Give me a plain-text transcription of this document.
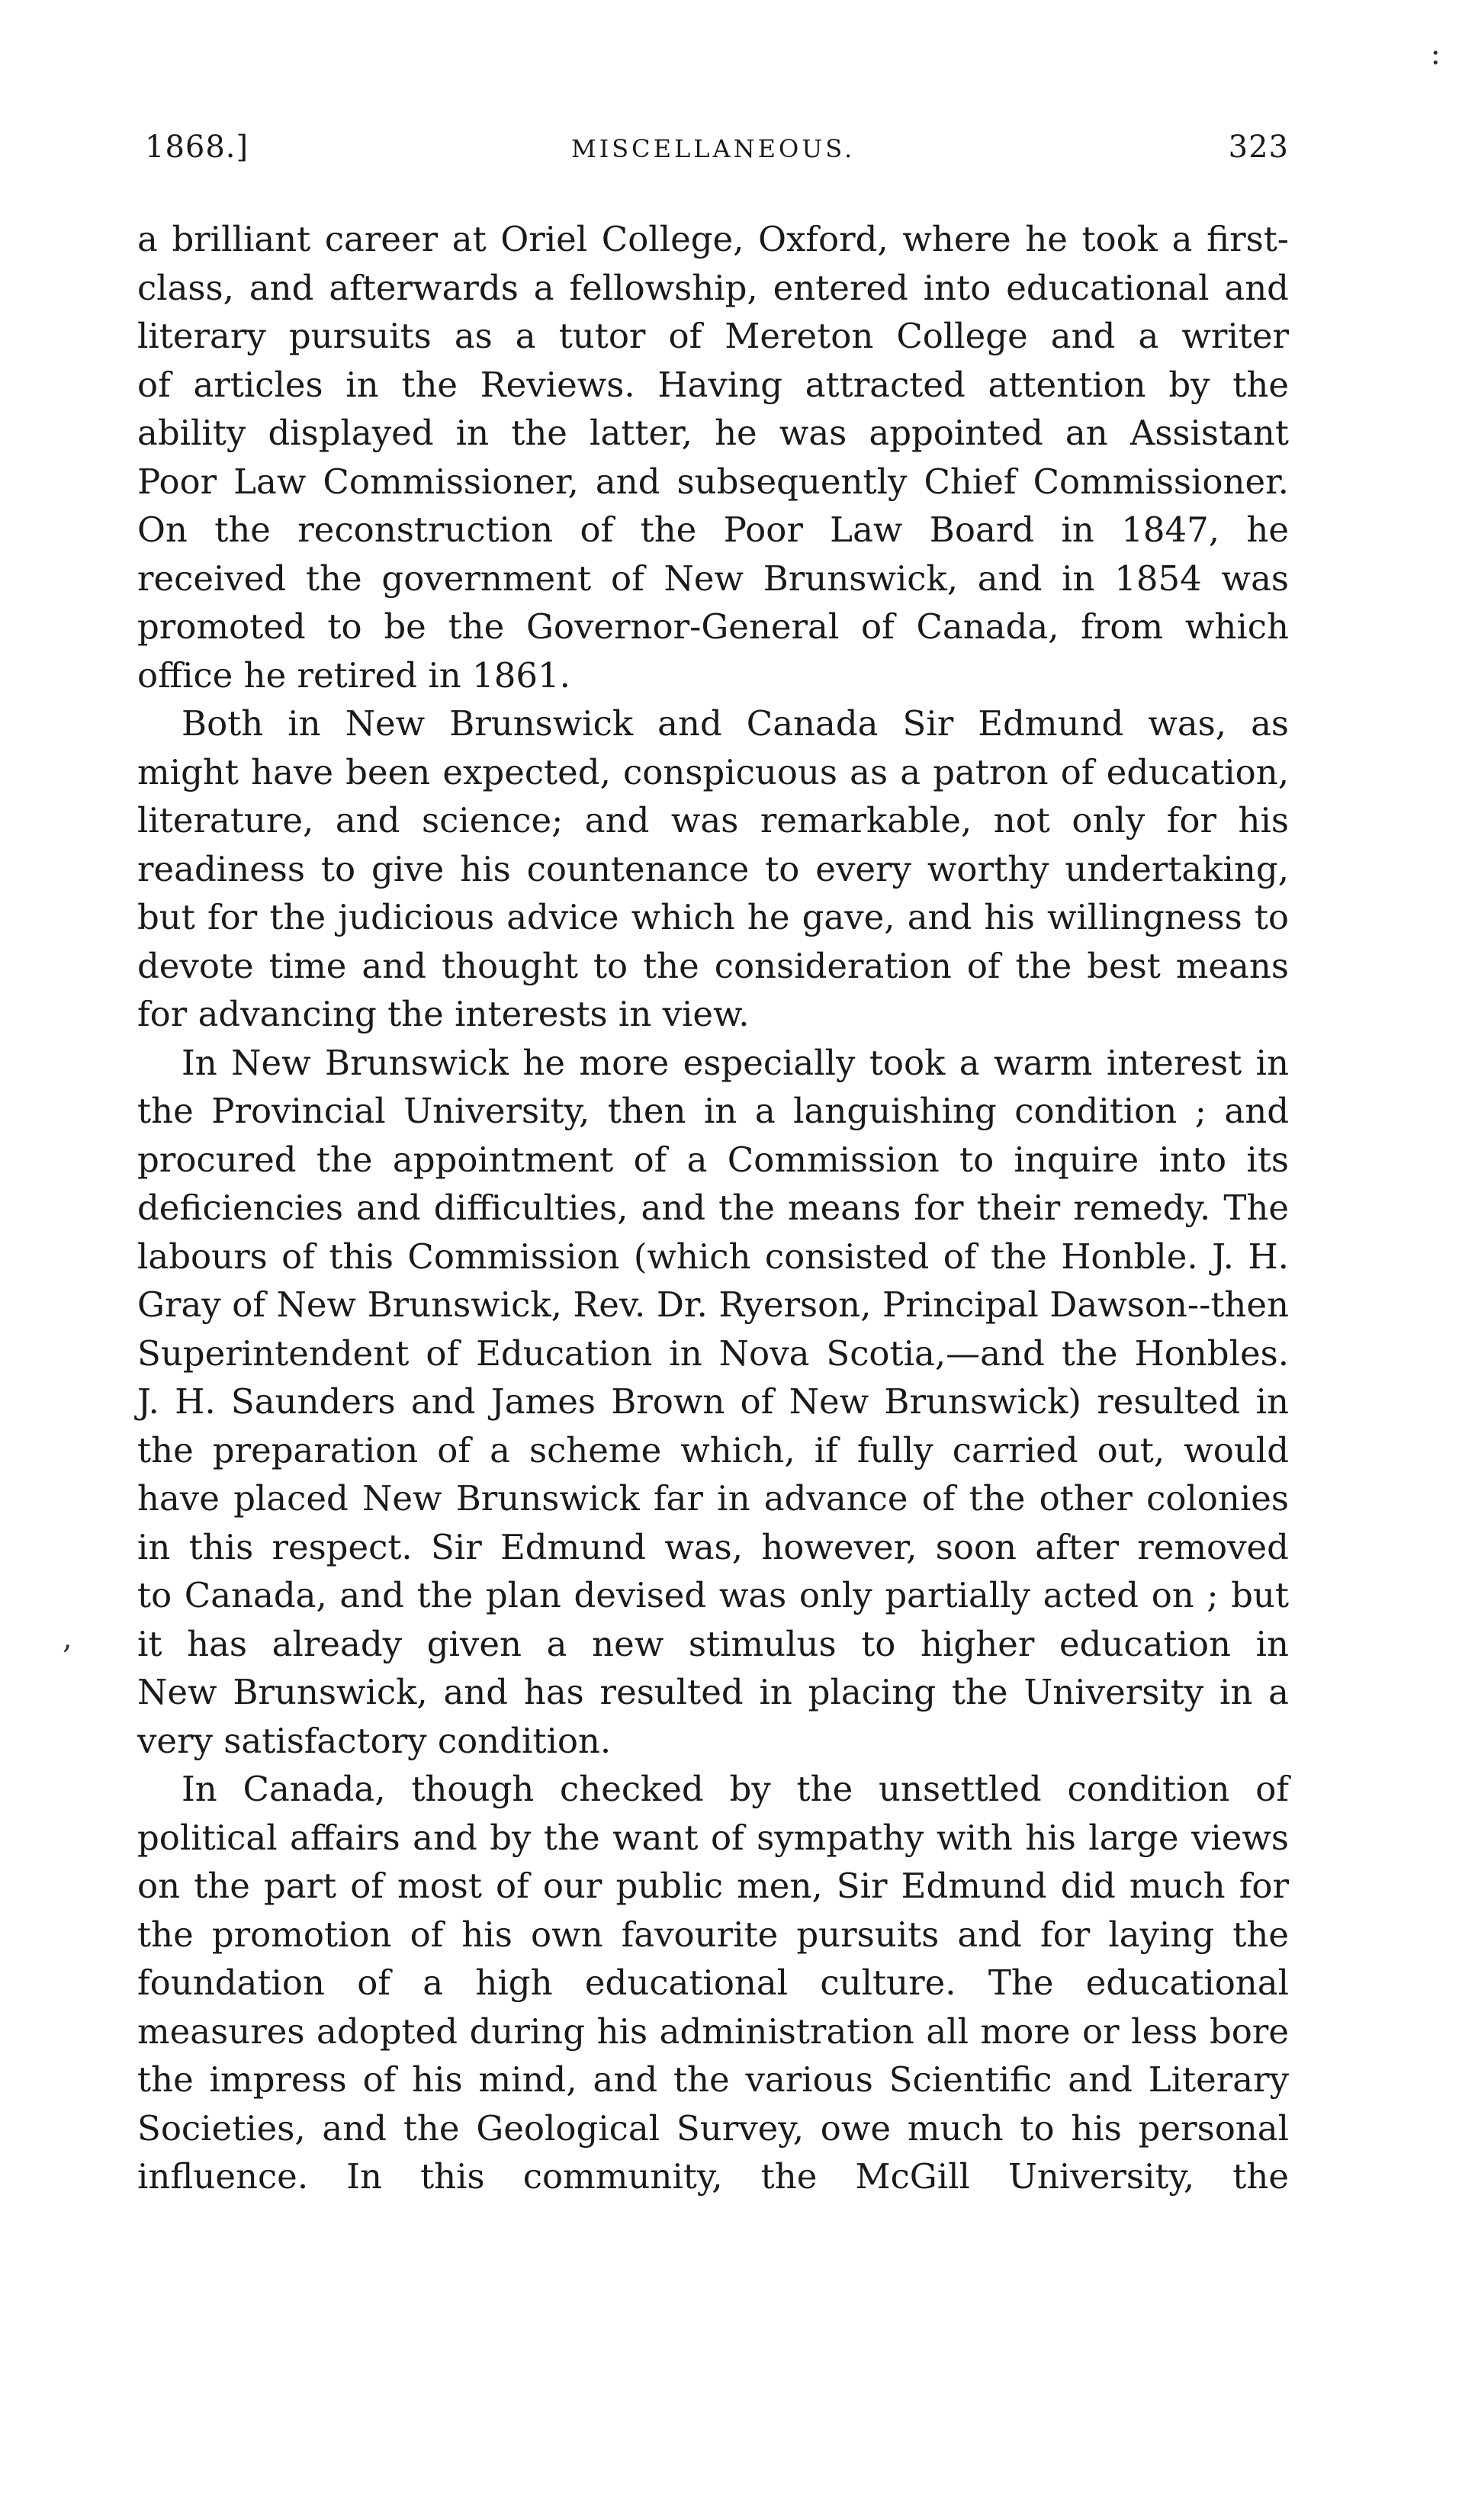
:
,
1868.]	MISCELLANEOUS.	323
a brilliant career at Oriel College, Oxford, where he took a first-
class, and afterwards a fellowship, entered into educational and
literary pursuits as a tutor of Mereton College and a writer
of articles in the Reviews. Having attracted attention by the
ability displayed in the latter, he was appointed an Assistant
Poor Law Commissioner, and subsequently Chief Commissioner.
On the reconstruction of the Poor Law Board in 1847, he
received the government of New Brunswick, and in 1854 was
promoted to be the Governor-General of Canada, from which
office he retired in 1861.
Both in New Brunswick and Canada Sir Edmund was, as
might have been expected, conspicuous as a patron of education,
literature, and science; and was remarkable, not only for his
readiness to give his countenance to every worthy undertaking,
but for the judicious advice which he gave, and his willingness to
devote time and thought to the consideration of the best means
for advancing the interests in view.
In New Brunswick he more especially took a warm interest in
the Provincial University, then in a languishing condition ; and
procured the appointment of a Commission to inquire into its
deficiencies and difficulties, and the means for their remedy. The
labours of this Commission (which consisted of the Honble. J. H.
Gray of New Brunswick, Rev. Dr. Ryerson, Principal Dawson--then
Superintendent of Education in Nova Scotia,—and the Honbles.
J. H. Saunders and James Brown of New Brunswick) resulted in
the preparation of a scheme which, if fully carried out, would
have placed New Brunswick far in advance of the other colonies
in this respect. Sir Edmund was, however, soon after removed
to Canada, and the plan devised was only partially acted on ; but
it has already given a new stimulus to higher education in
New Brunswick, and has resulted in placing the University in a
very satisfactory condition.
In Canada, though checked by the unsettled condition of
political affairs and by the want of sympathy with his large views
on the part of most of our public men, Sir Edmund did much for
the promotion of his own favourite pursuits and for laying the
foundation of a high educational culture. The educational
measures adopted during his administration all more or less bore
the impress of his mind, and the various Scientific and Literary
Societies, and the Geological Survey, owe much to his personal
influence. In this community, the McGill University, the
